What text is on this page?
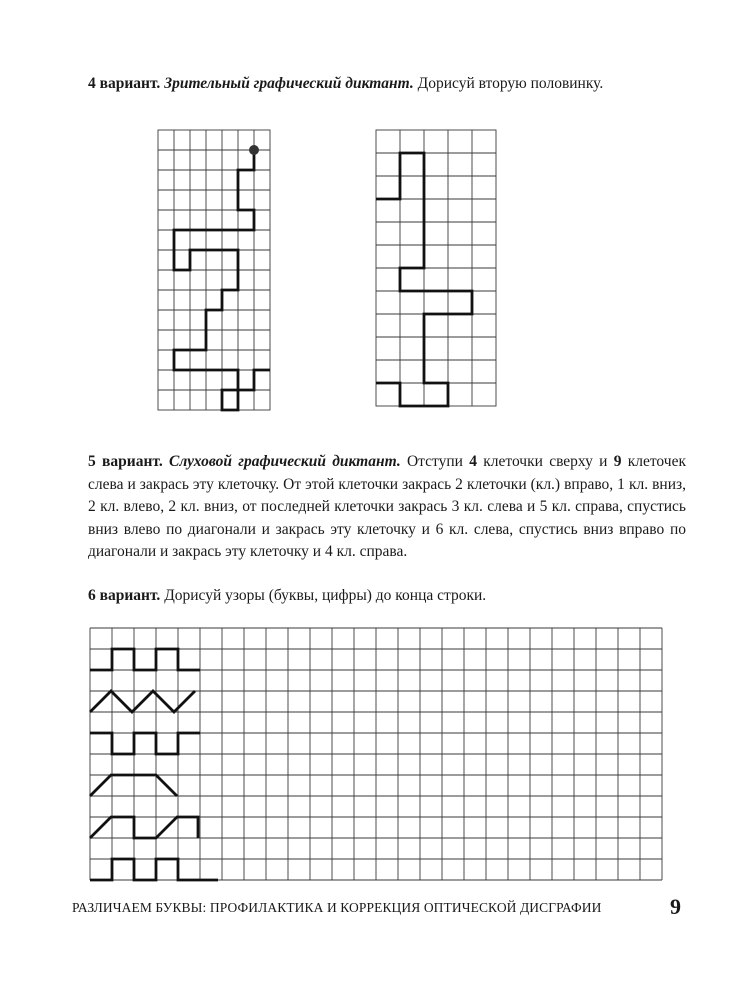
4 вариант. Зрительный графический диктант. Дорисуй вторую половинку.

5 вариант. Слуховой графический диктант. Отступи 4 клеточки сверху и 9 клеточек слева и закрась эту клеточку. От этой клеточки закрась 2 клеточки (кл.) вправо, 1 кл. вниз, 2 кл. влево, 2 кл. вниз, от последней клеточки закрась 3 кл. слева и 5 кл. справа, спустись вниз влево по диагонали и закрась эту клеточку и 6 кл. слева, спустись вниз вправо по диагонали и закрась эту клеточку и 4 кл. справа.

6 вариант. Дорисуй узоры (буквы, цифры) до конца строки.
РАЗЛИЧАЕМ БУКВЫ: ПРОФИЛАКТИКА И КОРРЕКЦИЯ ОПТИЧЕСКОЙ ДИСГРАФИИ	9
